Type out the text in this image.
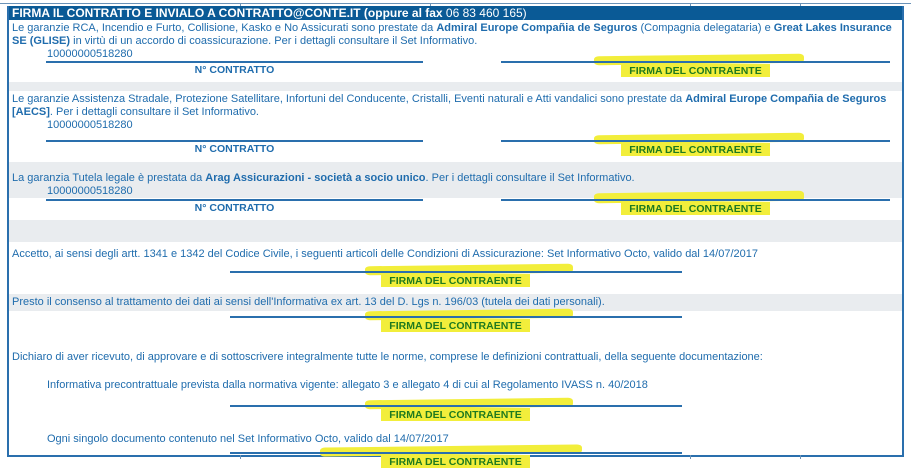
FIRMA IL CONTRATTO E INVIALO A CONTRATTO@CONTE.IT (oppure al fax 06 83 460 165)

Le garanzie RCA, Incendio e Furto, Collisione, Kasko e No Assicurati sono prestate da Admiral Europe Compañia de Seguros (Compagnia delegataria) e Great Lakes Insurance SE (GLISE) in virtù di un accordo di coassicurazione. Per i dettagli consultare il Set Informativo.

10000000518280
N° CONTRATTO	FIRMA DEL CONTRAENTE

Le garanzie Assistenza Stradale, Protezione Satellitare, Infortuni del Conducente, Cristalli, Eventi naturali e Atti vandalici sono prestate da Admiral Europe Compañia de Seguros [AECS]. Per i dettagli consultare il Set Informativo.

10000000518280
N° CONTRATTO	FIRMA DEL CONTRAENTE

La garanzia Tutela legale è prestata da Arag Assicurazioni - società a socio unico. Per i dettagli consultare il Set Informativo.

10000000518280
N° CONTRATTO	FIRMA DEL CONTRAENTE

Accetto, ai sensi degli artt. 1341 e 1342 del Codice Civile, i seguenti articoli delle Condizioni di Assicurazione: Set Informativo Octo, valido dal 14/07/2017

FIRMA DEL CONTRAENTE
Presto il consenso al trattamento dei dati ai sensi dell'Informativa ex art. 13 del D. Lgs n. 196/03 (tutela dei dati personali).
FIRMA DEL CONTRAENTE

Dichiaro di aver ricevuto, di approvare e di sottoscrivere integralmente tutte le norme, comprese le definizioni contrattuali, della seguente documentazione:

Informativa precontrattuale prevista dalla normativa vigente: allegato 3 e allegato 4 di cui al Regolamento IVASS n. 40/2018

FIRMA DEL CONTRAENTE

Ogni singolo documento contenuto nel Set Informativo Octo, valido dal 14/07/2017

FIRMA DEL CONTRAENTE
